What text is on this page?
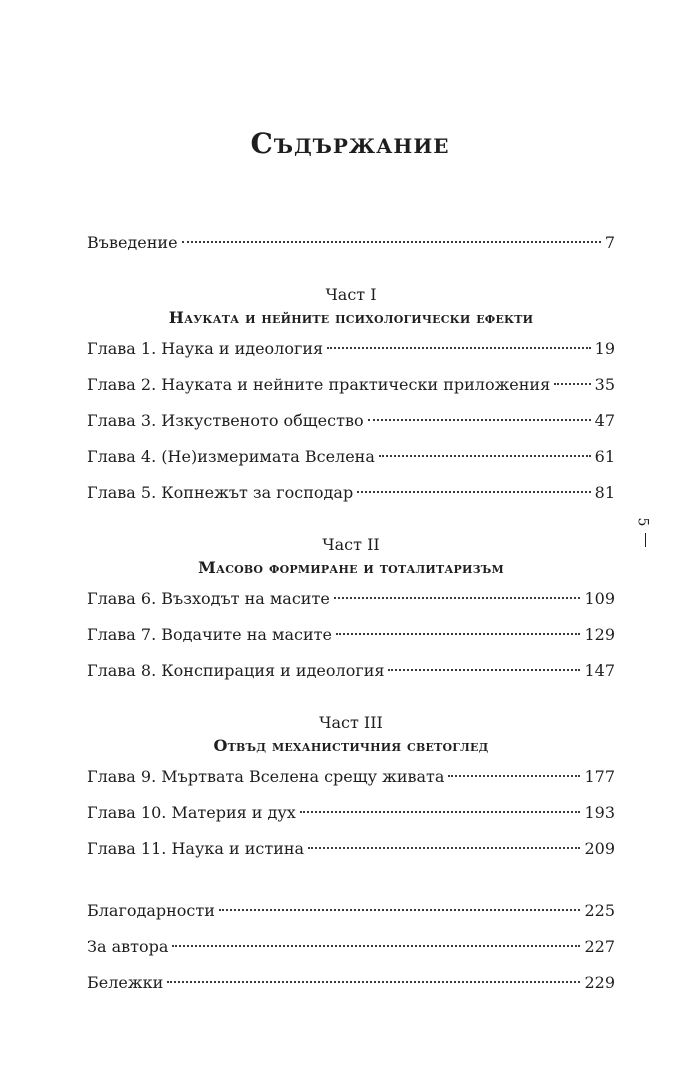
Съдържание
Въведение	7
Част I
Науката и нейните психологически ефекти
Глава 1. Наука и идеология	19
Глава 2. Науката и нейните практически приложения	35
Глава 3. Изкуственото общество	47
Глава 4. (Не)измеримата Вселена	61
Глава 5. Копнежът за господар	81
Част II
Масово формиране и тоталитаризъм
Глава 6. Възходът на масите	109
Глава 7. Водачите на масите	129
Глава 8. Конспирация и идеология	147
Част III
Отвъд механистичния светоглед
Глава 9. Мъртвата Вселена срещу живата	177
Глава 10. Материя и дух	193
Глава 11. Наука и истина	209
Благодарности	225
За автора	227
Бележки	229
5
